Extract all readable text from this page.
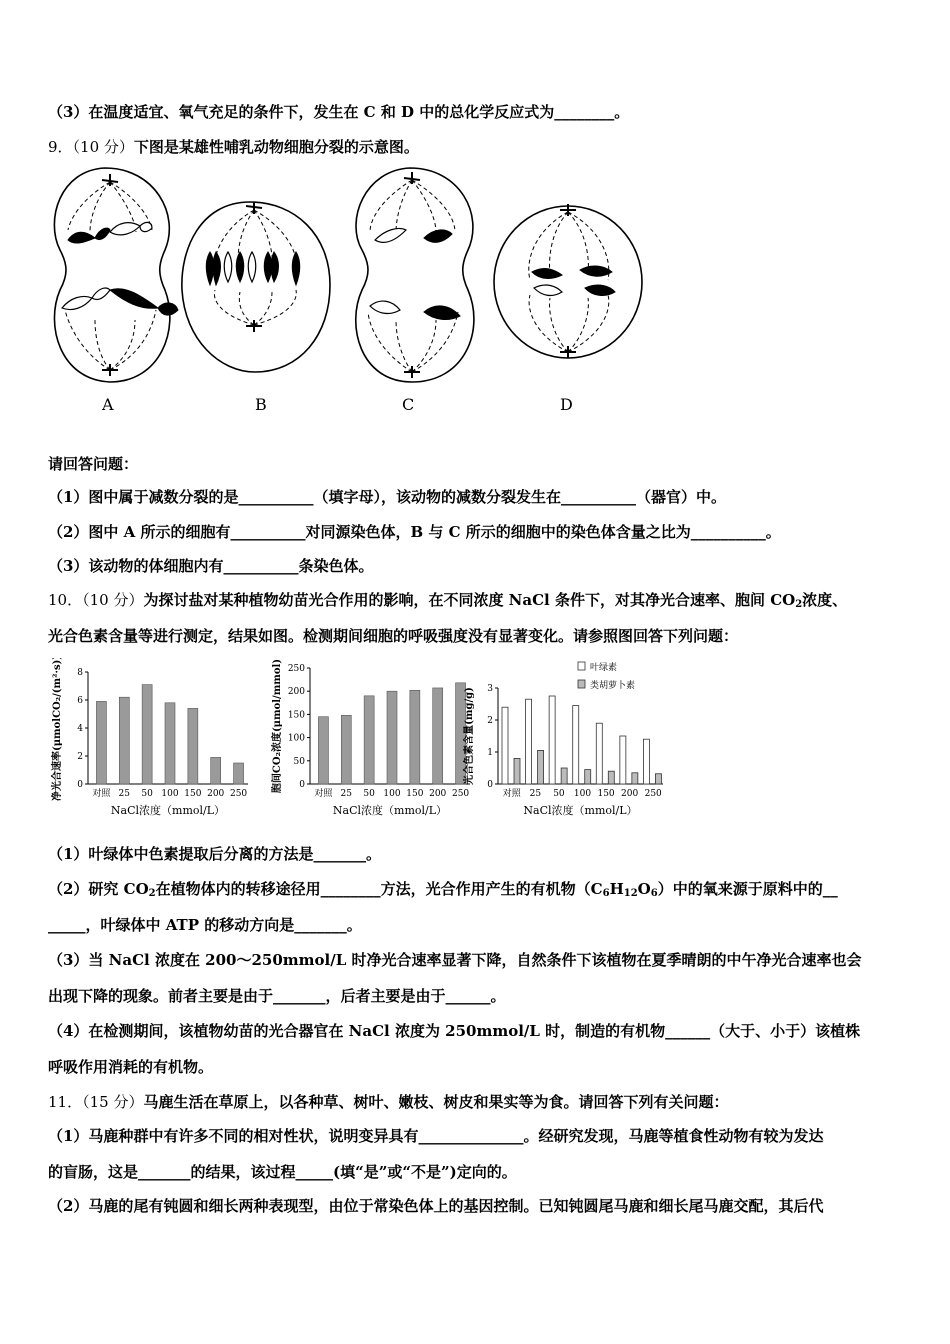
（3）在温度适宜、氧气充足的条件下，发生在 C 和 D 中的总化学反应式为________。
9．（10 分）下图是某雄性哺乳动物细胞分裂的示意图。
A	B	C	D
请回答问题：
（1）图中属于减数分裂的是__________（填字母），该动物的减数分裂发生在__________（器官）中。
（2）图中 A 所示的细胞有__________对同源染色体，B 与 C 所示的细胞中的染色体含量之比为__________。
（3）该动物的体细胞内有__________条染色体。
10．（10 分）为探讨盐对某种植物幼苗光合作用的影响，在不同浓度 NaCl 条件下，对其净光合速率、胞间 $CO_2$浓度、
光合色素含量等进行测定，结果如图。检测期间细胞的呼吸强度没有显著变化。请参照图回答下列问题：
0
2
4
6
8
对照 25 50 100 150 200 250
NaCl浓度（mmol/L）
净光合速率(μmolCO₂/(m²·s))	0
50
100
150
200
250
对照 25 50 100 150 200 250
NaCl浓度（mmol/L）
胞间CO₂浓度(μmol/mmol)	0
1
2
3
叶绿素
类胡萝卜素
对照 25 50 100 150 200 250
NaCl浓度（mmol/L）
光合色素含量(mg/g)
（1）叶绿体中色素提取后分离的方法是_______。
（2）研究 $CO_2$在植物体内的转移途径用________方法，光合作用产生的有机物$(C_6H_{12}O_6)$中的氧来源于原料中的__
_____，叶绿体中 ATP 的移动方向是_______。
（3）当 NaCl 浓度在 200～250mmol/L 时净光合速率显著下降，自然条件下该植物在夏季晴朗的中午净光合速率也会
出现下降的现象。前者主要是由于_______，后者主要是由于______。
（4）在检测期间，该植物幼苗的光合器官在 NaCl 浓度为 250mmol/L 时，制造的有机物______（大于、小于）该植株
呼吸作用消耗的有机物。
11．（15 分）马鹿生活在草原上，以各种草、树叶、嫩枝、树皮和果实等为食。请回答下列有关问题：
（1）马鹿种群中有许多不同的相对性状，说明变异具有______________。经研究发现，马鹿等植食性动物有较为发达
的盲肠，这是_______的结果，该过程_____(填“是”或“不是”)定向的。
（2）马鹿的尾有钝圆和细长两种表现型，由位于常染色体上的基因控制。已知钝圆尾马鹿和细长尾马鹿交配，其后代
